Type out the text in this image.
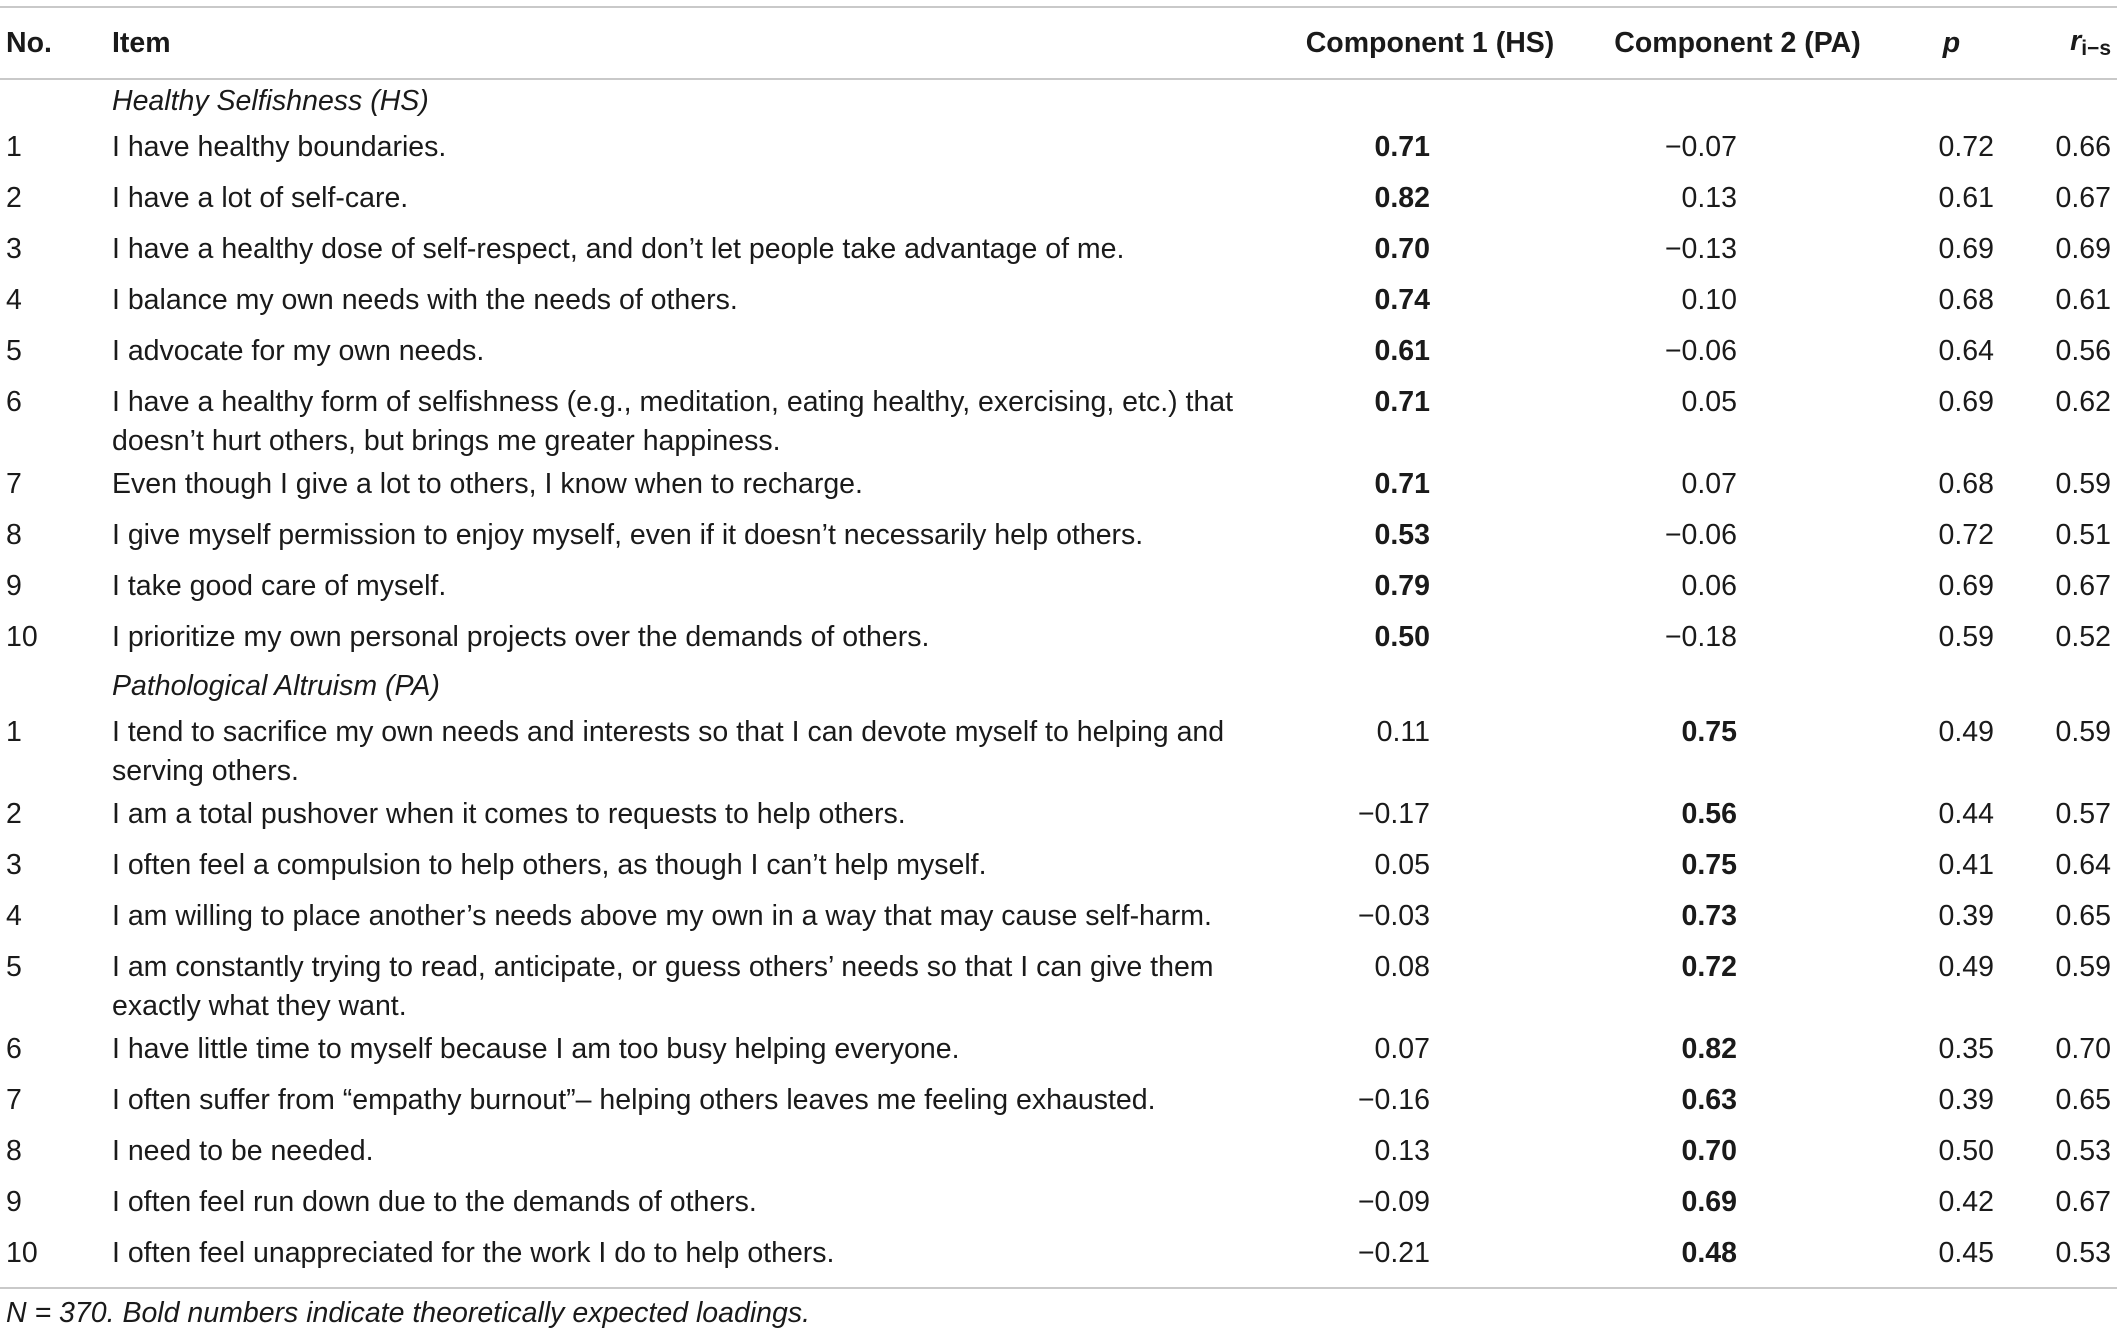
No.	Item	Component 1 (HS)	Component 2 (PA)	p	$r_{i-s}$

	Healthy Selfishness (HS)				
1	I have healthy boundaries.	0.71	−0.07	0.72	0.66
2	I have a lot of self-care.	0.82	0.13	0.61	0.67
3	I have a healthy dose of self-respect, and don’t let people take advantage of me.	0.70	−0.13	0.69	0.69
4	I balance my own needs with the needs of others.	0.74	0.10	0.68	0.61
5	I advocate for my own needs.	0.61	−0.06	0.64	0.56
6	I have a healthy form of selfishness (e.g., meditation, eating healthy, exercising, etc.) that doesn’t hurt others, but brings me greater happiness.	0.71	0.05	0.69	0.62
7	Even though I give a lot to others, I know when to recharge.	0.71	0.07	0.68	0.59
8	I give myself permission to enjoy myself, even if it doesn’t necessarily help others.	0.53	−0.06	0.72	0.51
9	I take good care of myself.	0.79	0.06	0.69	0.67
10	I prioritize my own personal projects over the demands of others.	0.50	−0.18	0.59	0.52
	Pathological Altruism (PA)				
1	I tend to sacrifice my own needs and interests so that I can devote myself to helping and serving others.	0.11	0.75	0.49	0.59
2	I am a total pushover when it comes to requests to help others.	−0.17	0.56	0.44	0.57
3	I often feel a compulsion to help others, as though I can’t help myself.	0.05	0.75	0.41	0.64
4	I am willing to place another’s needs above my own in a way that may cause self-harm.	−0.03	0.73	0.39	0.65
5	I am constantly trying to read, anticipate, or guess others’ needs so that I can give them exactly what they want.	0.08	0.72	0.49	0.59
6	I have little time to myself because I am too busy helping everyone.	0.07	0.82	0.35	0.70
7	I often suffer from “empathy burnout”– helping others leaves me feeling exhausted.	−0.16	0.63	0.39	0.65
8	I need to be needed.	0.13	0.70	0.50	0.53
9	I often feel run down due to the demands of others.	−0.09	0.69	0.42	0.67
10	I often feel unappreciated for the work I do to help others.	−0.21	0.48	0.45	0.53
N = 370. Bold numbers indicate theoretically expected loadings.
